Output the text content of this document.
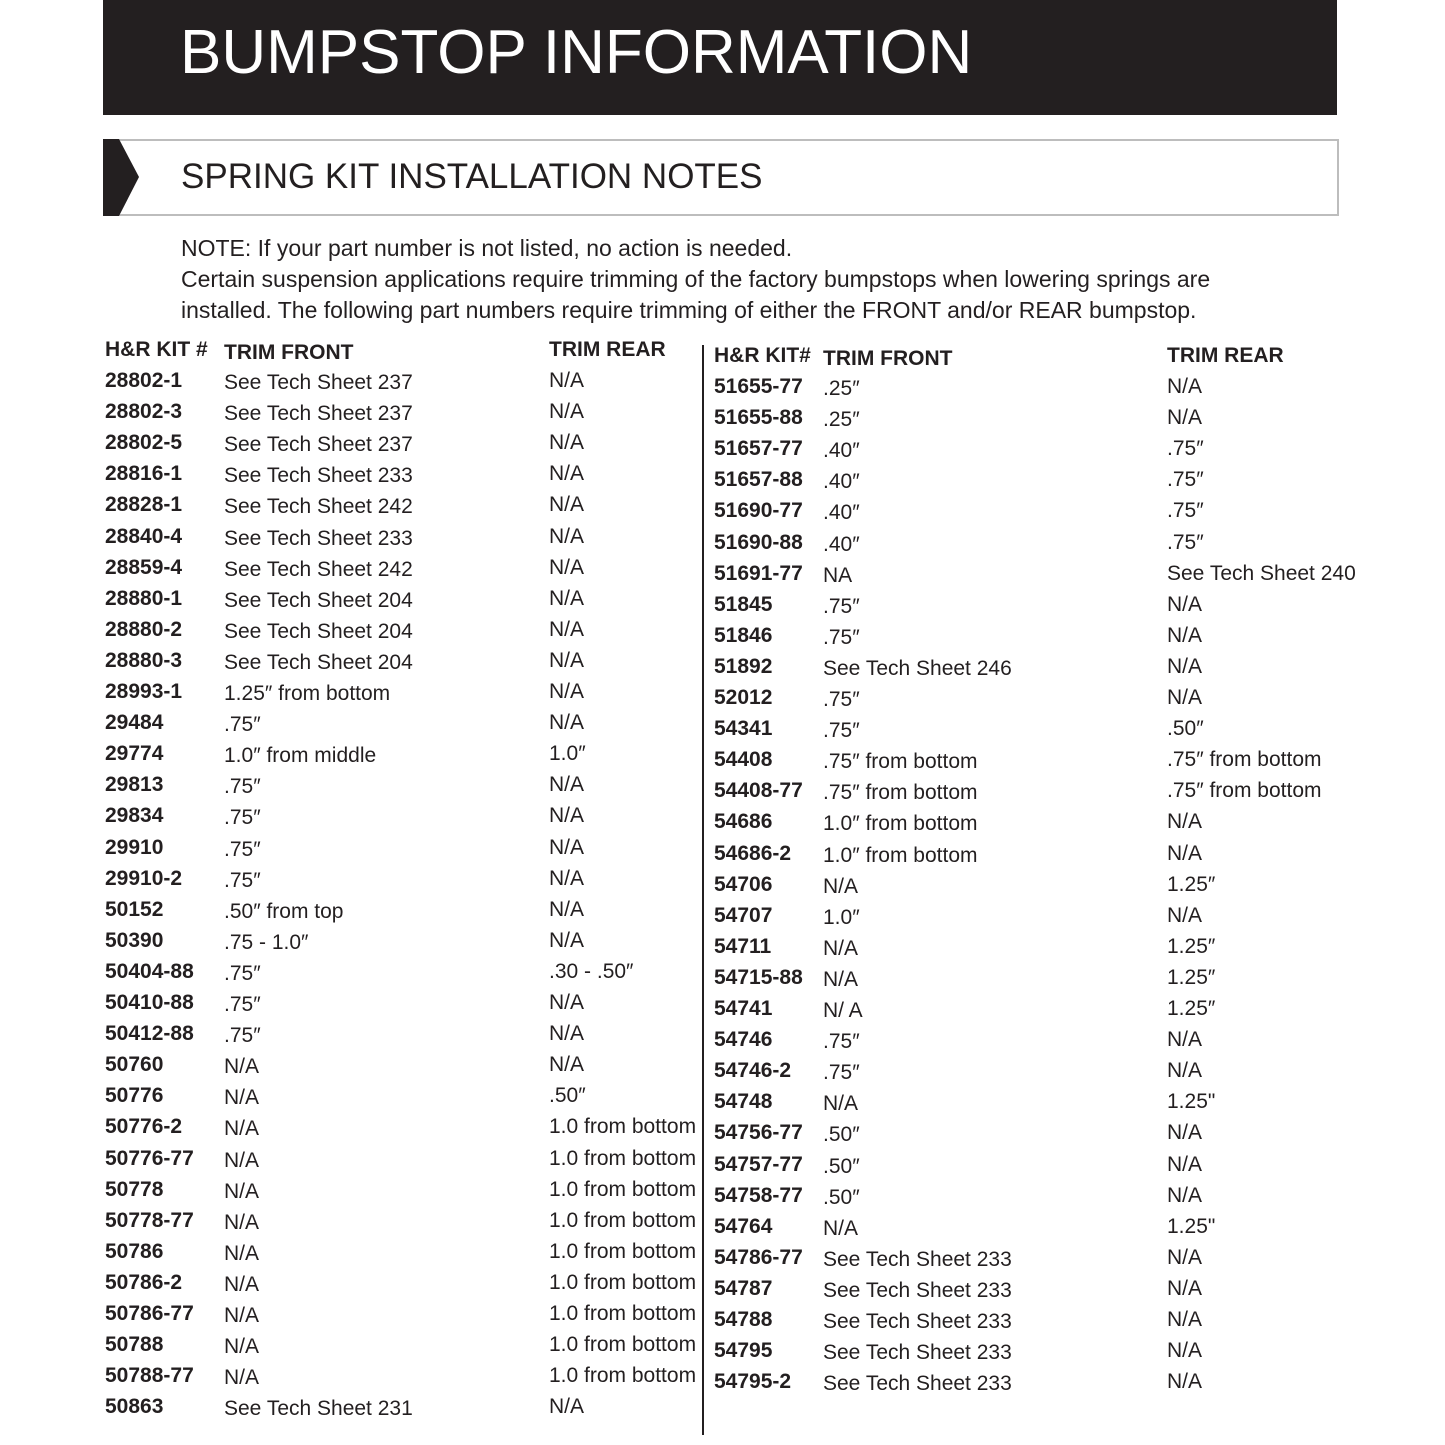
BUMPSTOP INFORMATION
SPRING KIT INSTALLATION NOTES
NOTE: If your part number is not listed, no action is needed.
Certain suspension applications require trimming of the factory bumpstops when lowering springs are
installed. The following part numbers require trimming of either the FRONT and/or REAR bumpstop.
H&R KIT # TRIM FRONT	TRIM REAR
28802-1 See Tech Sheet 237	N/A
28802-3 See Tech Sheet 237	N/A
28802-5 See Tech Sheet 237	N/A
28816-1 See Tech Sheet 233	N/A
28828-1 See Tech Sheet 242	N/A
28840-4 See Tech Sheet 233	N/A
28859-4 See Tech Sheet 242	N/A
28880-1 See Tech Sheet 204	N/A
28880-2 See Tech Sheet 204	N/A
28880-3 See Tech Sheet 204	N/A
28993-1 1.25″ from bottom	N/A
29484	.75″	N/A
29774	1.0″ from middle	1.0″
29813	.75″	N/A
29834	.75″	N/A
29910	.75″	N/A
29910-2 .75″	N/A
50152	.50″ from top	N/A
50390	.75 - 1.0″	N/A
50404-88 .75″	.30 - .50″
50410-88 .75″	N/A
50412-88 .75″	N/A
50760	N/A	N/A
50776	N/A	.50″
50776-2 N/A	1.0 from bottom
50776-77 N/A	1.0 from bottom
50778	N/A	1.0 from bottom
50778-77 N/A	1.0 from bottom
50786	N/A	1.0 from bottom
50786-2 N/A	1.0 from bottom
50786-77 N/A	1.0 from bottom
50788	N/A	1.0 from bottom
50788-77 N/A	1.0 from bottom
50863	See Tech Sheet 231	N/A
H&R KIT# TRIM FRONT	TRIM REAR
51655-77 .25″	N/A
51655-88 .25″	N/A
51657-77 .40″	.75″
51657-88 .40″	.75″
51690-77 .40″	.75″
51690-88 .40″	.75″
51691-77 NA	See Tech Sheet 240
51845 .75″	N/A
51846 .75″	N/A
51892 See Tech Sheet 246	N/A
52012 .75″	N/A
54341 .75″	.50″
54408 .75″ from bottom	.75″ from bottom
54408-77 .75″ from bottom	.75″ from bottom
54686 1.0″ from bottom	N/A
54686-2 1.0″ from bottom	N/A
54706 N/A	1.25″
54707 1.0″	N/A
54711 N/A	1.25″
54715-88 N/A	1.25″
54741 N/ A	1.25″
54746 .75″	N/A
54746-2 .75″	N/A
54748 N/A	1.25"
54756-77 .50″	N/A
54757-77 .50″	N/A
54758-77 .50″	N/A
54764 N/A	1.25"
54786-77 See Tech Sheet 233	N/A
54787 See Tech Sheet 233	N/A
54788 See Tech Sheet 233	N/A
54795 See Tech Sheet 233	N/A
54795-2 See Tech Sheet 233	N/A
